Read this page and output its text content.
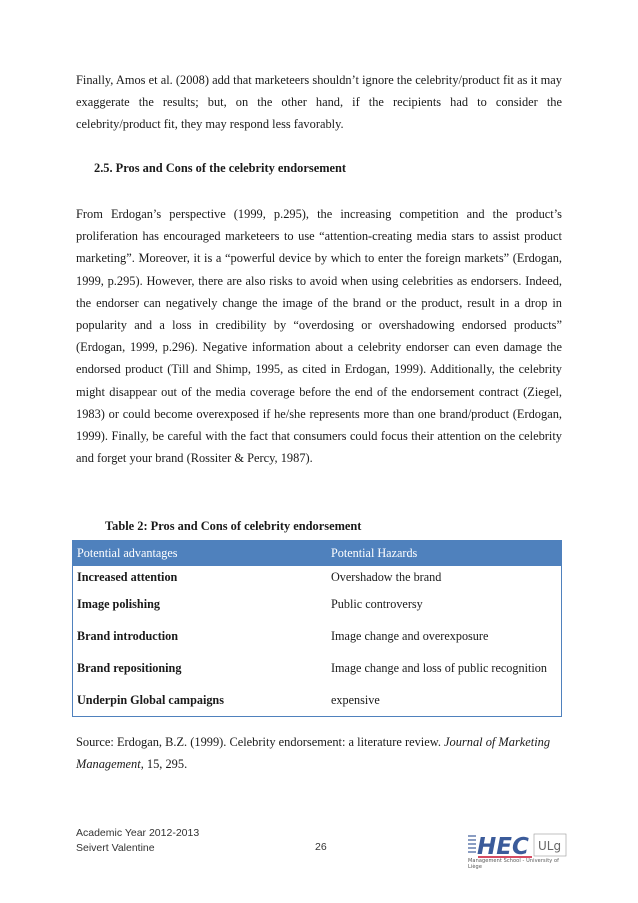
Finally, Amos et al. (2008) add that marketeers shouldn’t ignore the celebrity/product fit as it may exaggerate the results; but, on the other hand, if the recipients had to consider the celebrity/product fit, they may respond less favorably.

2.5. Pros and Cons of the celebrity endorsement

From Erdogan’s perspective (1999, p.295), the increasing competition and the product’s proliferation has encouraged marketeers to use “attention-creating media stars to assist product marketing”. Moreover, it is a “powerful device by which to enter the foreign markets” (Erdogan, 1999, p.295). However, there are also risks to avoid when using celebrities as endorsers. Indeed, the endorser can negatively change the image of the brand or the product, result in a drop in popularity and a loss in credibility by “overdosing or overshadowing endorsed products” (Erdogan, 1999, p.296). Negative information about a celebrity endorser can even damage the endorsed product (Till and Shimp, 1995, as cited in Erdogan, 1999). Additionally, the celebrity might disappear out of the media coverage before the end of the endorsement contract (Ziegel, 1983) or could become overexposed if he/she represents more than one brand/product (Erdogan, 1999). Finally, be careful with the fact that consumers could focus their attention on the celebrity and forget your brand (Rossiter & Percy, 1987).

Table 2: Pros and Cons of celebrity endorsement

Potential advantages	Potential Hazards
Increased attention	Overshadow the brand
Image polishing	Public controversy
Brand introduction	Image change and overexposure
Brand repositioning	Image change and loss of public recognition
Underpin Global campaigns	expensive

Source: Erdogan, B.Z. (1999). Celebrity endorsement: a literature review. Journal of Marketing Management, 15, 295.

Academic Year 2012-2013
Seivert Valentine	26	HEC ULg
Management School - University of Liège
